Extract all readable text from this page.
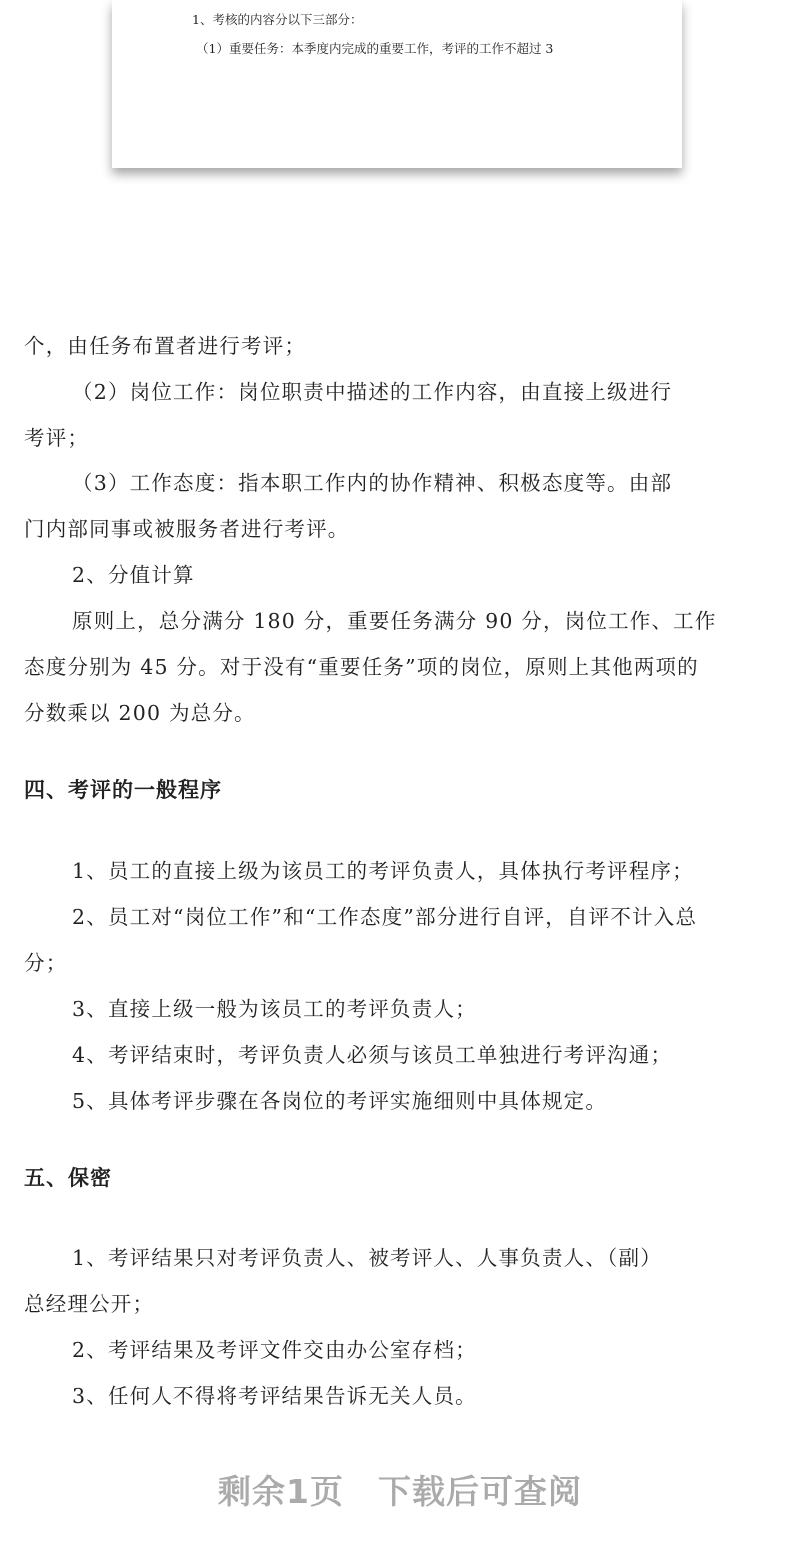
1、考核的内容分以下三部分：
（1）重要任务：本季度内完成的重要工作，考评的工作不超过 3
个，由任务布置者进行考评；
（2）岗位工作：岗位职责中描述的工作内容，由直接上级进行
考评；
（3）工作态度：指本职工作内的协作精神、积极态度等。由部
门内部同事或被服务者进行考评。
2、分值计算
原则上，总分满分 180 分，重要任务满分 90 分，岗位工作、工作
态度分别为 45 分。对于没有“重要任务”项的岗位，原则上其他两项的
分数乘以 200 为总分。
四、考评的一般程序
1、员工的直接上级为该员工的考评负责人，具体执行考评程序；
2、员工对“岗位工作”和“工作态度”部分进行自评，自评不计入总
分；
3、直接上级一般为该员工的考评负责人；
4、考评结束时，考评负责人必须与该员工单独进行考评沟通；
5、具体考评步骤在各岗位的考评实施细则中具体规定。
五、保密
1、考评结果只对考评负责人、被考评人、人事负责人、（副）
总经理公开；
2、考评结果及考评文件交由办公室存档；
3、任何人不得将考评结果告诉无关人员。
剩余1页　下载后可查阅
